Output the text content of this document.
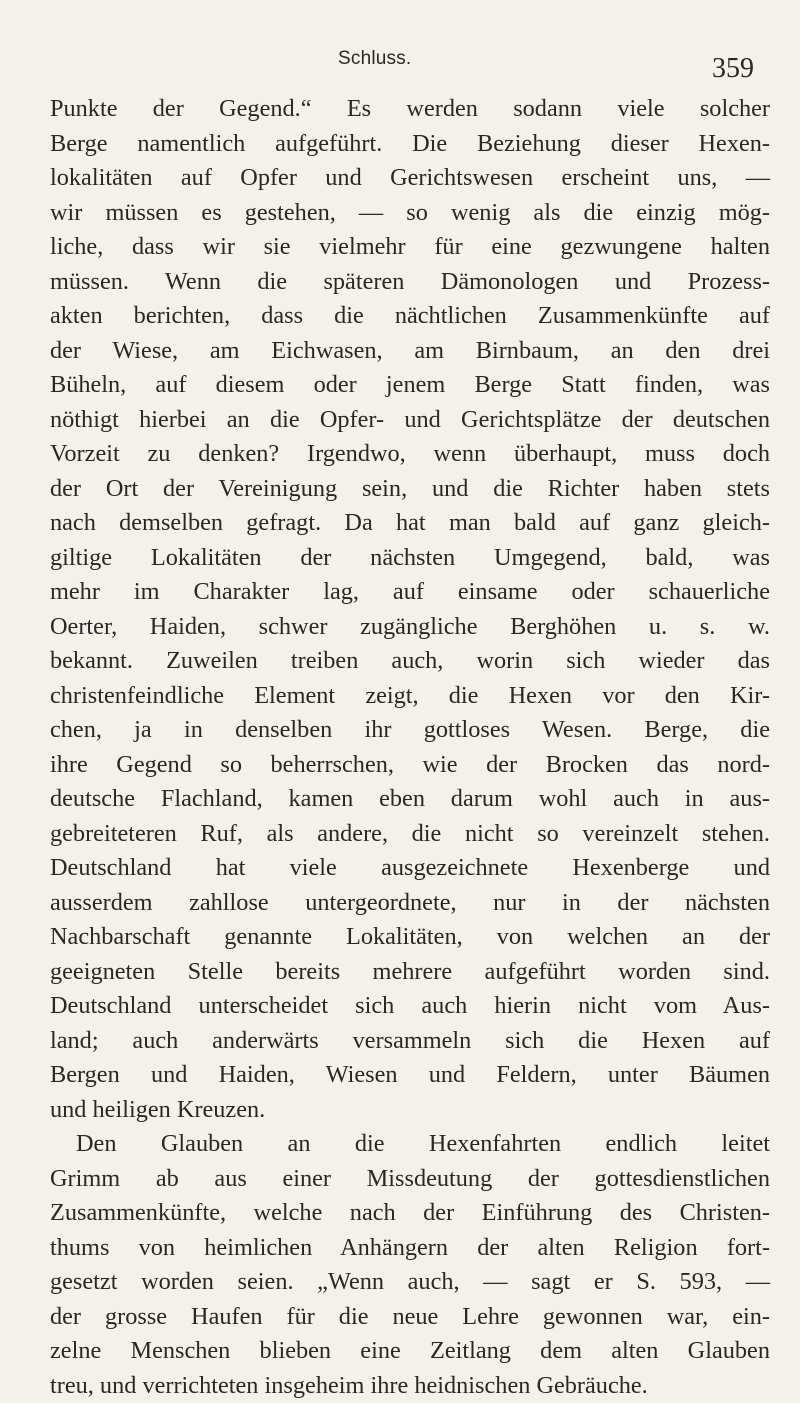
Schluss.	359
Punkte der Gegend.“ Es werden sodann viele solcher
Berge namentlich aufgeführt. Die Beziehung dieser Hexen-
lokalitäten auf Opfer und Gerichtswesen erscheint uns, —
wir müssen es gestehen, — so wenig als die einzig mög-
liche, dass wir sie vielmehr für eine gezwungene halten
müssen. Wenn die späteren Dämonologen und Prozess-
akten berichten, dass die nächtlichen Zusammenkünfte auf
der Wiese, am Eichwasen, am Birnbaum, an den drei
Büheln, auf diesem oder jenem Berge Statt finden, was
nöthigt hierbei an die Opfer- und Gerichtsplätze der deutschen
Vorzeit zu denken? Irgendwo, wenn überhaupt, muss doch
der Ort der Vereinigung sein, und die Richter haben stets
nach demselben gefragt. Da hat man bald auf ganz gleich-
giltige Lokalitäten der nächsten Umgegend, bald, was
mehr im Charakter lag, auf einsame oder schauerliche
Oerter, Haiden, schwer zugängliche Berghöhen u. s. w.
bekannt. Zuweilen treiben auch, worin sich wieder das
christenfeindliche Element zeigt, die Hexen vor den Kir-
chen, ja in denselben ihr gottloses Wesen. Berge, die
ihre Gegend so beherrschen, wie der Brocken das nord-
deutsche Flachland, kamen eben darum wohl auch in aus-
gebreiteteren Ruf, als andere, die nicht so vereinzelt stehen.
Deutschland hat viele ausgezeichnete Hexenberge und
ausserdem zahllose untergeordnete, nur in der nächsten
Nachbarschaft genannte Lokalitäten, von welchen an der
geeigneten Stelle bereits mehrere aufgeführt worden sind.
Deutschland unterscheidet sich auch hierin nicht vom Aus-
land; auch anderwärts versammeln sich die Hexen auf
Bergen und Haiden, Wiesen und Feldern, unter Bäumen
und heiligen Kreuzen.
Den Glauben an die Hexenfahrten endlich leitet
Grimm ab aus einer Missdeutung der gottesdienstlichen
Zusammenkünfte, welche nach der Einführung des Christen-
thums von heimlichen Anhängern der alten Religion fort-
gesetzt worden seien. „Wenn auch, — sagt er S. 593, —
der grosse Haufen für die neue Lehre gewonnen war, ein-
zelne Menschen blieben eine Zeitlang dem alten Glauben
treu, und verrichteten insgeheim ihre heidnischen Gebräuche.
